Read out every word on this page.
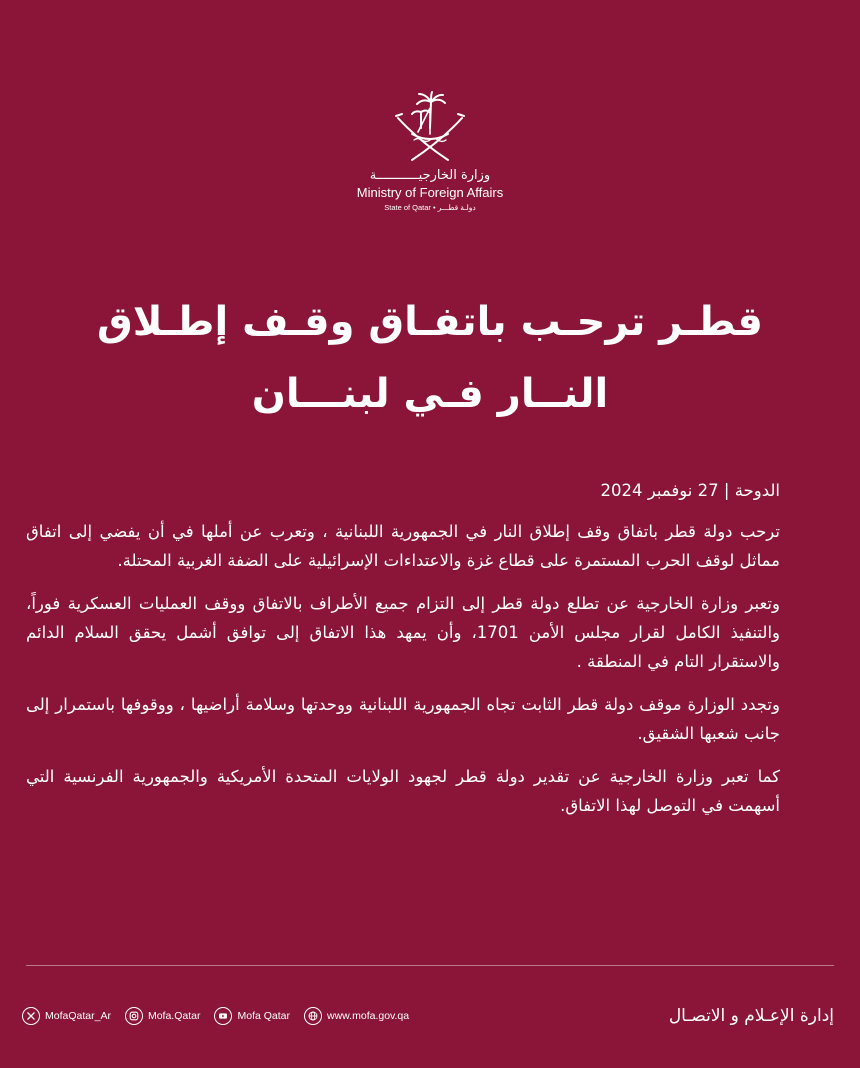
وزارة الخارجيـــــــــــة
Ministry of Foreign Affairs
State of Qatar • دولـة قطـــر
قطـر ترحـب باتفـاق وقـف إطـلاق
النــار فـي لبنـــان
الدوحة | 27 نوفمبر 2024

ترحب دولة قطر باتفاق وقف إطلاق النار في الجمهورية اللبنانية ، وتعرب عن أملها في أن يفضي إلى اتفاق مماثل لوقف الحرب المستمرة على قطاع غزة والاعتداءات الإسرائيلية على الضفة الغربية المحتلة.

وتعبر وزارة الخارجية عن تطلع دولة قطر إلى التزام جميع الأطراف بالاتفاق ووقف العمليات العسكرية فوراً، والتنفيذ الكامل لقرار مجلس الأمن 1701، وأن يمهد هذا الاتفاق إلى توافق أشمل يحقق السلام الدائم والاستقرار التام في المنطقة .

وتجدد الوزارة موقف دولة قطر الثابت تجاه الجمهورية اللبنانية ووحدتها وسلامة أراضيها ، ووقوفها باستمرار إلى جانب شعبها الشقيق.

كما تعبر وزارة الخارجية عن تقدير دولة قطر لجهود الولايات المتحدة الأمريكية والجمهورية الفرنسية التي أسهمت في التوصل لهذا الاتفاق.

MofaQatar_Ar	Mofa.Qatar	Mofa Qatar	www.mofa.gov.qa	إدارة الإعـلام و الاتصـال
